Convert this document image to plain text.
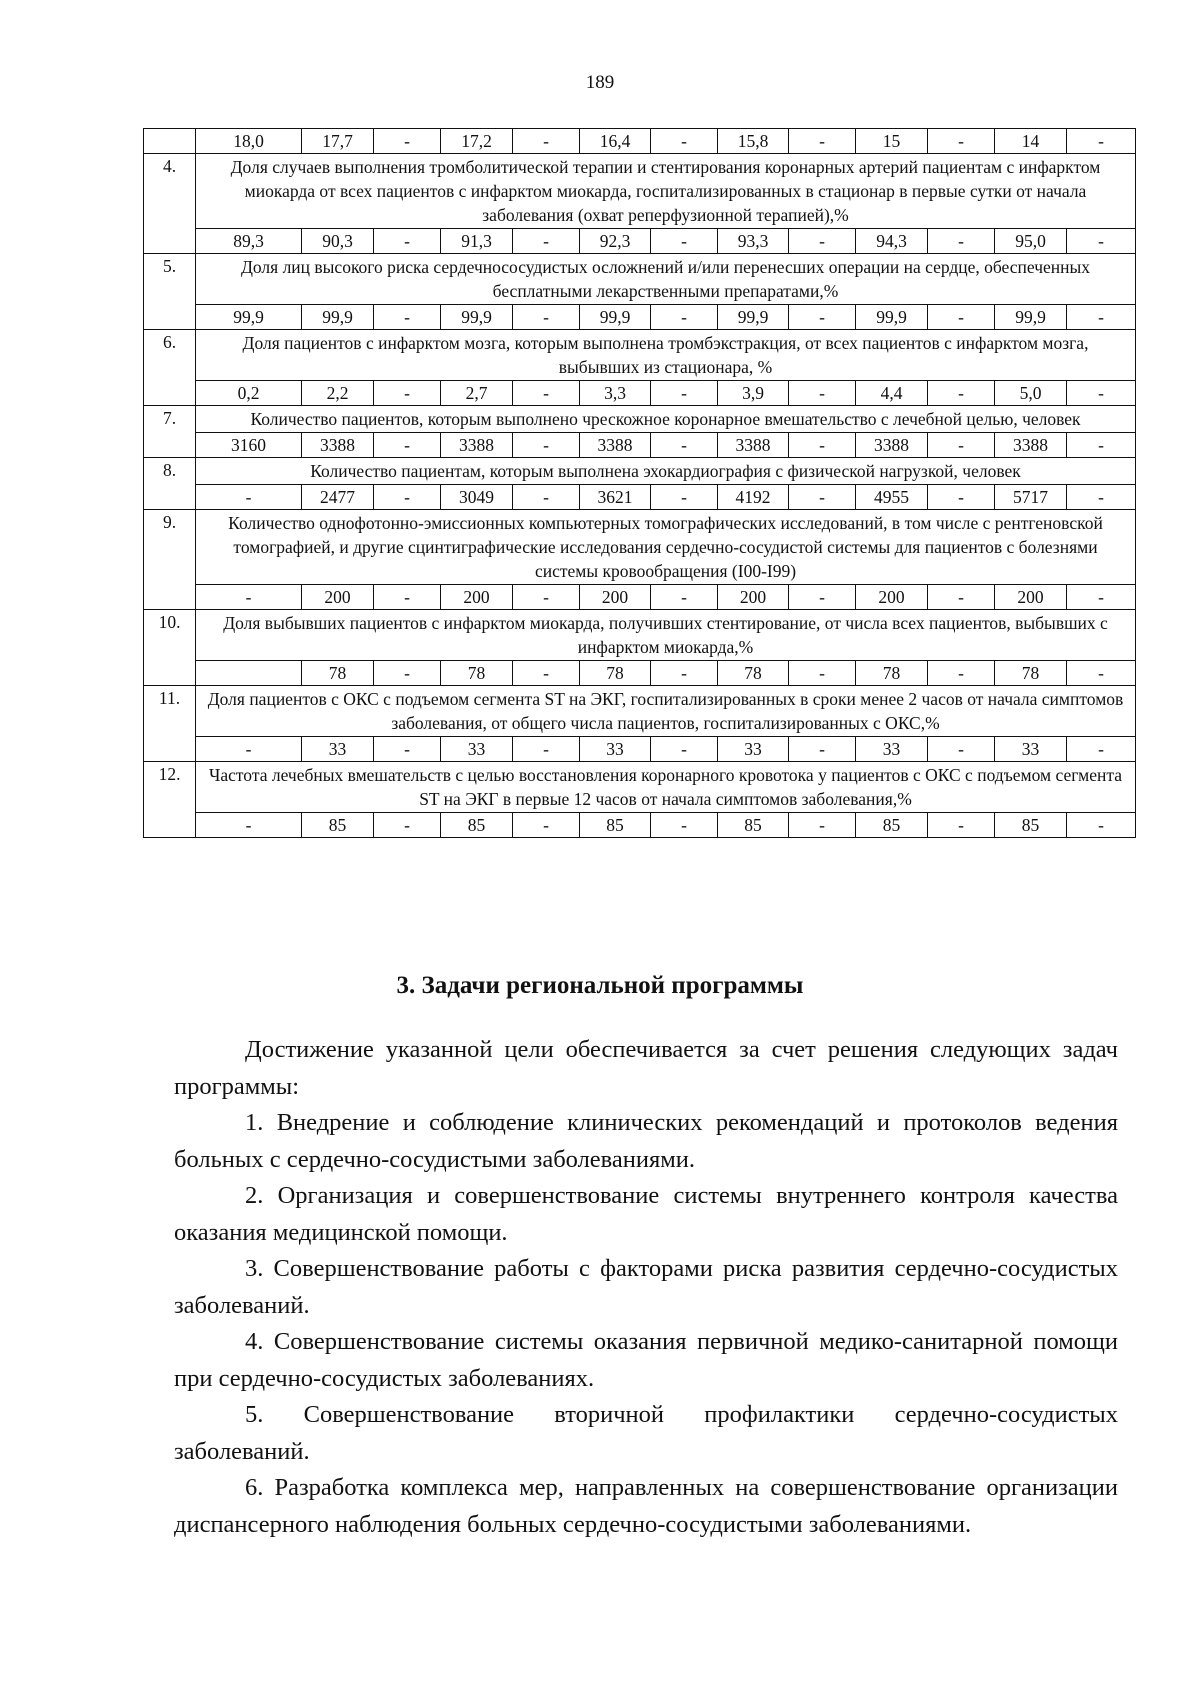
189
	18,0	17,7	-	17,2	-	16,4	-	15,8	-	15	-	14	-
4.	Доля случаев выполнения тромболитической терапии и стентирования коронарных артерий пациентам с инфарктом миокарда от всех пациентов с инфарктом миокарда, госпитализированных в стационар в первые сутки от начала заболевания (охват реперфузионной терапией),%												
	89,3	90,3	-	91,3	-	92,3	-	93,3	-	94,3	-	95,0	-
5.	Доля лиц высокого риска сердечнососудистых осложнений и/или перенесших операции на сердце, обеспеченных бесплатными лекарственными препаратами,%												
	99,9	99,9	-	99,9	-	99,9	-	99,9	-	99,9	-	99,9	-
6.	Доля пациентов с инфарктом мозга, которым выполнена тромбэкстракция, от всех пациентов с инфарктом мозга, выбывших из стационара, %												
	0,2	2,2	-	2,7	-	3,3	-	3,9	-	4,4	-	5,0	-
7.	Количество пациентов, которым выполнено чрескожное коронарное вмешательство с лечебной целью, человек												
	3160	3388	-	3388	-	3388	-	3388	-	3388	-	3388	-
8.	Количество пациентам, которым выполнена эхокардиография с физической нагрузкой, человек												
	-	2477	-	3049	-	3621	-	4192	-	4955	-	5717	-
9.	Количество однофотонно-эмиссионных компьютерных томографических исследований, в том числе с рентгеновской томографией, и другие сцинтиграфические исследования сердечно-сосудистой системы для пациентов с болезнями системы кровообращения (I00-I99)												
	-	200	-	200	-	200	-	200	-	200	-	200	-
10.	Доля выбывших пациентов с инфарктом миокарда, получивших стентирование, от числа всех пациентов, выбывших с инфарктом миокарда,%												
		78	-	78	-	78	-	78	-	78	-	78	-
11.	Доля пациентов с ОКС с подъемом сегмента ST на ЭКГ, госпитализированных в сроки менее 2 часов от начала симптомов заболевания, от общего числа пациентов, госпитализированных с ОКС,%												
	-	33	-	33	-	33	-	33	-	33	-	33	-
12.	Частота лечебных вмешательств с целью восстановления коронарного кровотока у пациентов с ОКС с подъемом сегмента ST на ЭКГ в первые 12 часов от начала симптомов заболевания,%												
	-	85	-	85	-	85	-	85	-	85	-	85	-
3. Задачи региональной программы

Достижение указанной цели обеспечивается за счет решения следующих задач программы:

1. Внедрение и соблюдение клинических рекомендаций и протоколов ведения больных с сердечно-сосудистыми заболеваниями.

2. Организация и совершенствование системы внутреннего контроля качества оказания медицинской помощи.

3. Совершенствование работы с факторами риска развития сердечно-сосудистых заболеваний.

4. Совершенствование системы оказания первичной медико-санитарной помощи при сердечно-сосудистых заболеваниях.

5. Совершенствование вторичной профилактики сердечно-сосудистых заболеваний.

6. Разработка комплекса мер, направленных на совершенствование организации диспансерного наблюдения больных сердечно-сосудистыми заболеваниями.
